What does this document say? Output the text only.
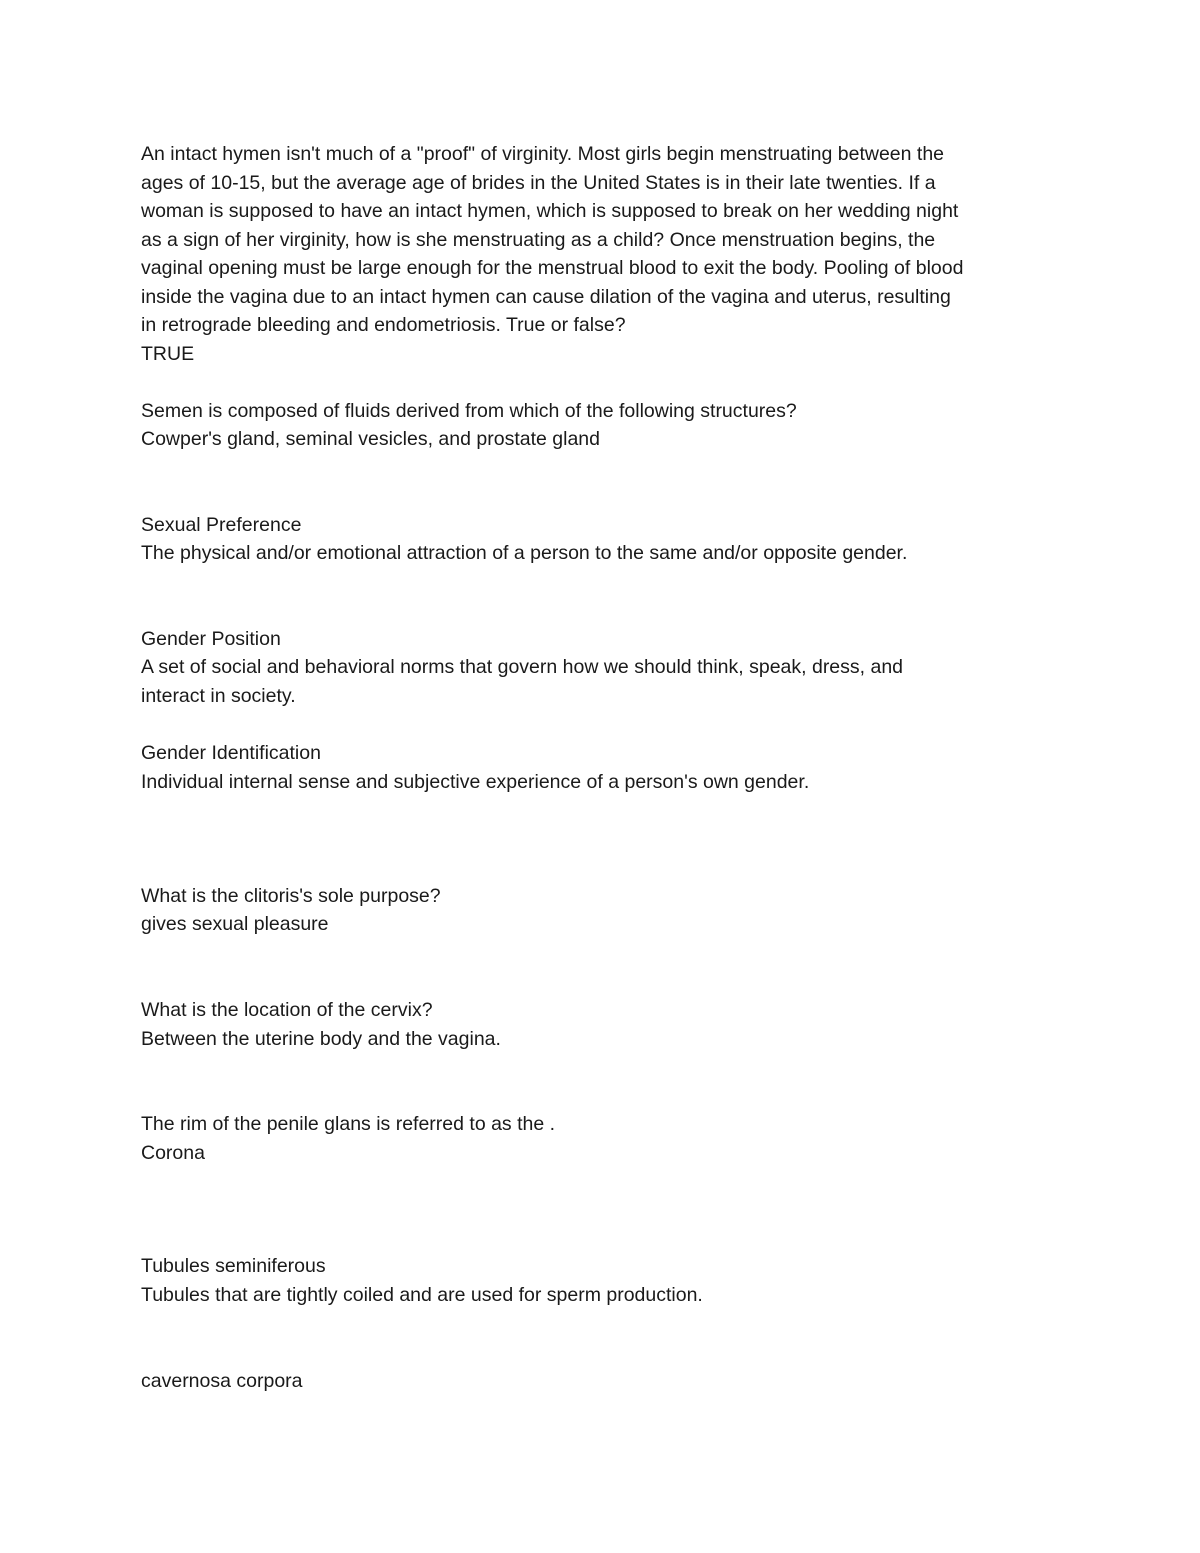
An intact hymen isn't much of a "proof" of virginity. Most girls begin menstruating between the

ages of 10-15, but the average age of brides in the United States is in their late twenties. If a

woman is supposed to have an intact hymen, which is supposed to break on her wedding night

as a sign of her virginity, how is she menstruating as a child? Once menstruation begins, the

vaginal opening must be large enough for the menstrual blood to exit the body. Pooling of blood

inside the vagina due to an intact hymen can cause dilation of the vagina and uterus, resulting

in retrograde bleeding and endometriosis. True or false?

TRUE

Semen is composed of fluids derived from which of the following structures?

Cowper's gland, seminal vesicles, and prostate gland

Sexual Preference

The physical and/or emotional attraction of a person to the same and/or opposite gender.

Gender Position

A set of social and behavioral norms that govern how we should think, speak, dress, and

interact in society.

Gender Identification

Individual internal sense and subjective experience of a person's own gender.

What is the clitoris's sole purpose?

gives sexual pleasure

What is the location of the cervix?

Between the uterine body and the vagina.

The rim of the penile glans is referred to as the .

Corona

Tubules seminiferous

Tubules that are tightly coiled and are used for sperm production.

cavernosa corpora
